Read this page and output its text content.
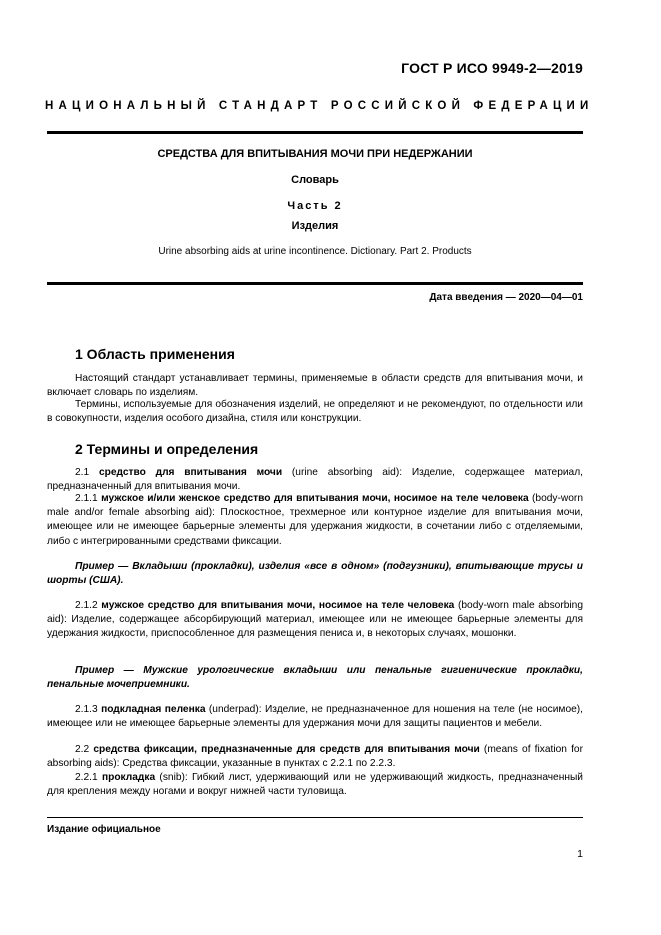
ГОСТ Р ИСО 9949-2—2019
НАЦИОНАЛЬНЫЙ СТАНДАРТ РОССИЙСКОЙ ФЕДЕРАЦИИ
СРЕДСТВА ДЛЯ ВПИТЫВАНИЯ МОЧИ ПРИ НЕДЕРЖАНИИ
Словарь
Часть 2
Изделия
Urine absorbing aids at urine incontinence. Dictionary. Part 2. Products
Дата введения — 2020—04—01
1 Область применения
Настоящий стандарт устанавливает термины, применяемые в области средств для впитывания мочи, и включает словарь по изделиям.
Термины, используемые для обозначения изделий, не определяют и не рекомендуют, по отдельности или в совокупности, изделия особого дизайна, стиля или конструкции.
2 Термины и определения
2.1 средство для впитывания мочи (urine absorbing aid): Изделие, содержащее материал, предназначенный для впитывания мочи.
2.1.1 мужское и/или женское средство для впитывания мочи, носимое на теле человека (body-worn male and/or female absorbing aid): Плоскостное, трехмерное или контурное изделие для впитывания мочи, имеющее или не имеющее барьерные элементы для удержания жидкости, в сочетании либо с отделяемыми, либо с интегрированными средствами фиксации.
Пример — Вкладыши (прокладки), изделия «все в одном» (подгузники), впитывающие трусы и шорты (США).
2.1.2 мужское средство для впитывания мочи, носимое на теле человека (body-worn male absorbing aid): Изделие, содержащее абсорбирующий материал, имеющее или не имеющее барьерные элементы для удержания жидкости, приспособленное для размещения пениса и, в некоторых случаях, мошонки.
Пример — Мужские урологические вкладыши или пенальные гигиенические прокладки, пенальные мочеприемники.
2.1.3 подкладная пеленка (underpad): Изделие, не предназначенное для ношения на теле (не носимое), имеющее или не имеющее барьерные элементы для удержания мочи для защиты пациентов и мебели.
2.2 средства фиксации, предназначенные для средств для впитывания мочи (means of fixation for absorbing aids): Средства фиксации, указанные в пунктах с 2.2.1 по 2.2.3.
2.2.1 прокладка (snib): Гибкий лист, удерживающий или не удерживающий жидкость, предназначенный для крепления между ногами и вокруг нижней части туловища.
Издание официальное
1
